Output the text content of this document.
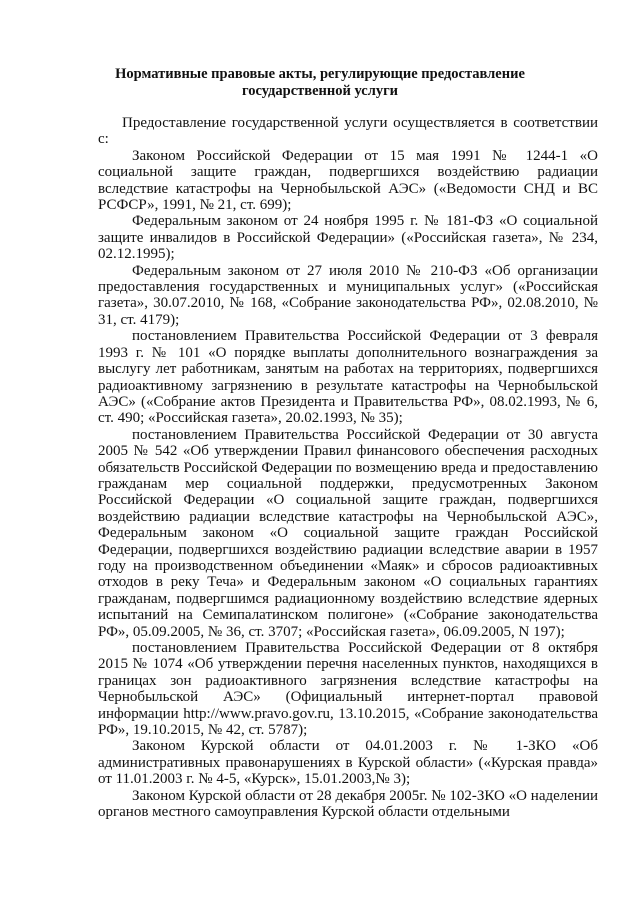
Нормативные правовые акты, регулирующие предоставление
государственной услуги

Предоставление государственной услуги осуществляется в соответствии с:

Законом Российской Федерации от 15 мая 1991 № 1244-1 «О социальной защите граждан, подвергшихся воздействию радиации вследствие катастрофы на Чернобыльской АЭС» («Ведомости СНД и ВС РСФСР», 1991, № 21, ст. 699);

Федеральным законом от 24 ноября 1995 г. № 181-ФЗ «О социальной защите инвалидов в Российской Федерации» («Российская газета», № 234, 02.12.1995);

Федеральным законом от 27 июля 2010 № 210-ФЗ «Об организации предоставления государственных и муниципальных услуг» («Российская газета», 30.07.2010, № 168, «Собрание законодательства РФ», 02.08.2010, № 31, ст. 4179);

постановлением Правительства Российской Федерации от 3 февраля 1993 г. № 101 «О порядке выплаты дополнительного вознаграждения за выслугу лет работникам, занятым на работах на территориях, подвергшихся радиоактивному загрязнению в результате катастрофы на Чернобыльской АЭС» («Собрание актов Президента и Правительства РФ», 08.02.1993, № 6, ст. 490; «Российская газета», 20.02.1993, № 35);

постановлением Правительства Российской Федерации от 30 августа 2005 № 542 «Об утверждении Правил финансового обеспечения расходных обязательств Российской Федерации по возмещению вреда и предоставлению гражданам мер социальной поддержки, предусмотренных Законом Российской Федерации «О социальной защите граждан, подвергшихся воздействию радиации вследствие катастрофы на Чернобыльской АЭС», Федеральным законом «О социальной защите граждан Российской Федерации, подвергшихся воздействию радиации вследствие аварии в 1957 году на производственном объединении «Маяк» и сбросов радиоактивных отходов в реку Теча» и Федеральным законом «О социальных гарантиях гражданам, подвергшимся радиационному воздействию вследствие ядерных испытаний на Семипалатинском полигоне» («Собрание законодательства РФ», 05.09.2005, № 36, ст. 3707; «Российская газета», 06.09.2005, N 197);

постановлением Правительства Российской Федерации от 8 октября 2015 № 1074 «Об утверждении перечня населенных пунктов, находящихся в границах зон радиоактивного загрязнения вследствие катастрофы на Чернобыльской АЭС» (Официальный интернет-портал правовой информации http://www.pravo.gov.ru, 13.10.2015, «Собрание законодательства РФ», 19.10.2015, № 42, ст. 5787);

Законом Курской области от 04.01.2003 г. № 1-ЗКО «Об административных правонарушениях в Курской области» («Курская правда» от 11.01.2003 г. № 4-5, «Курск», 15.01.2003,№ 3);

Законом Курской области от 28 декабря 2005г. № 102-ЗКО «О наделении органов местного самоуправления Курской области отдельными
